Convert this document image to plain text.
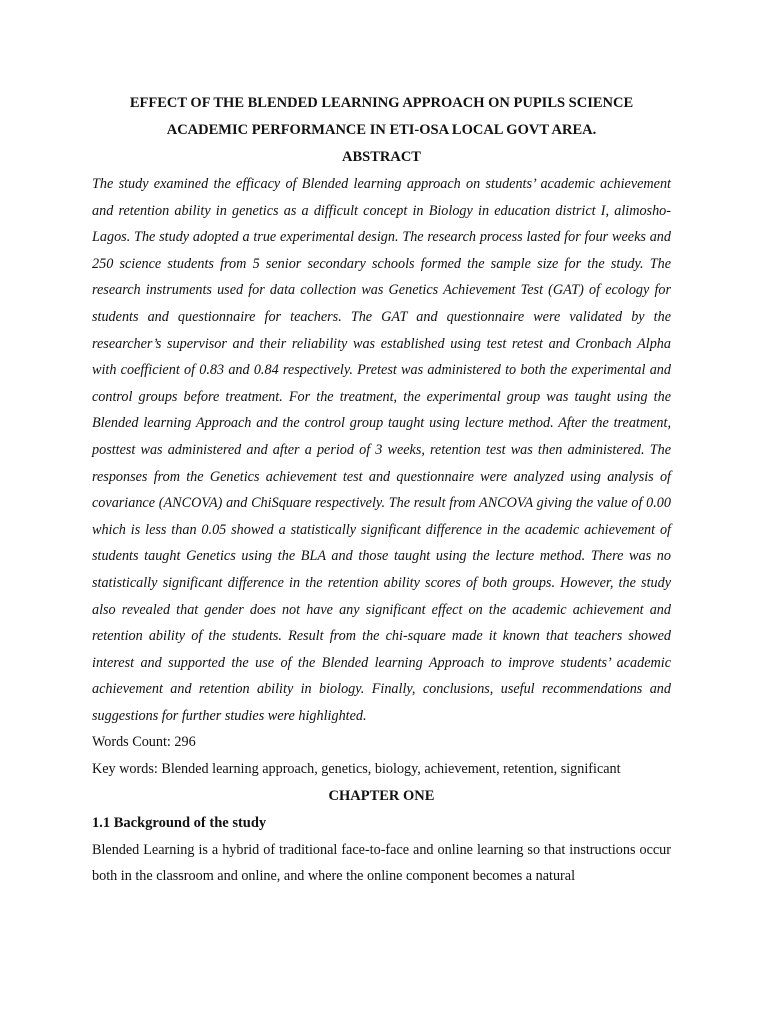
EFFECT OF THE BLENDED LEARNING APPROACH ON PUPILS SCIENCE

ACADEMIC PERFORMANCE IN ETI-OSA LOCAL GOVT AREA.

ABSTRACT

The study examined the efficacy of Blended learning approach on students’ academic achievement and retention ability in genetics as a difficult concept in Biology in education district I, alimosho-Lagos. The study adopted a true experimental design. The research process lasted for four weeks and 250 science students from 5 senior secondary schools formed the sample size for the study. The research instruments used for data collection was Genetics Achievement Test (GAT) of ecology for students and questionnaire for teachers. The GAT and questionnaire were validated by the researcher’s supervisor and their reliability was established using test retest and Cronbach Alpha with coefficient of 0.83 and 0.84 respectively. Pretest was administered to both the experimental and control groups before treatment. For the treatment, the experimental group was taught using the Blended learning Approach and the control group taught using lecture method. After the treatment, posttest was administered and after a period of 3 weeks, retention test was then administered. The responses from the Genetics achievement test and questionnaire were analyzed using analysis of covariance (ANCOVA) and ChiSquare respectively. The result from ANCOVA giving the value of 0.00 which is less than 0.05 showed a statistically significant difference in the academic achievement of students taught Genetics using the BLA and those taught using the lecture method. There was no statistically significant difference in the retention ability scores of both groups. However, the study also revealed that gender does not have any significant effect on the academic achievement and retention ability of the students. Result from the chi-square made it known that teachers showed interest and supported the use of the Blended learning Approach to improve students’ academic achievement and retention ability in biology. Finally, conclusions, useful recommendations and suggestions for further studies were highlighted.

Words Count: 296

Key words: Blended learning approach, genetics, biology, achievement, retention, significant

CHAPTER ONE

1.1 Background of the study

Blended Learning is a hybrid of traditional face-to-face and online learning so that instructions occur both in the classroom and online, and where the online component becomes a natural
